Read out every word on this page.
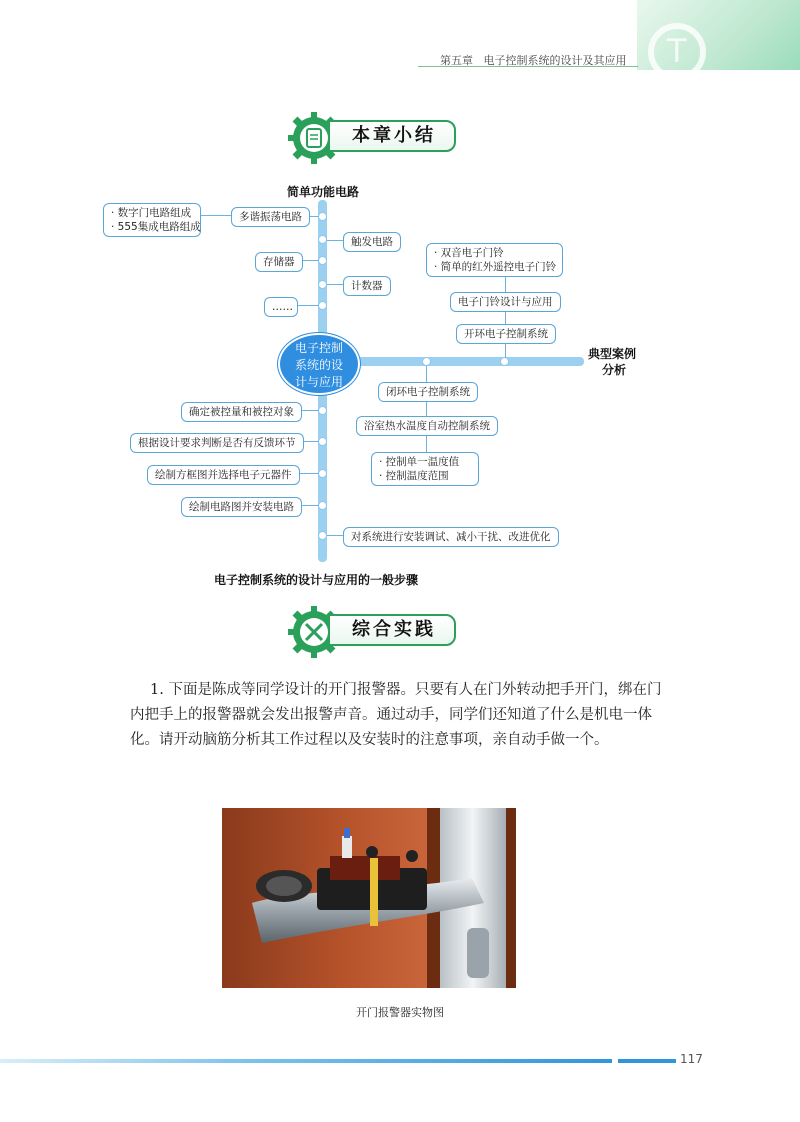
T
第五章 电子控制系统的设计及其应用
本章小结
简单功能电路
· 数字门电路组成
· 555集成电路组成
多谐振荡电路
触发电路
存储器
计数器
……
· 双音电子门铃
· 简单的红外遥控电子门铃
电子门铃设计与应用
开环电子控制系统
电子控制
系统的设
计与应用
典型案例
分析
闭环电子控制系统
浴室热水温度自动控制系统
· 控制单一温度值
· 控制温度范围
确定被控量和被控对象
根据设计要求判断是否有反馈环节
绘制方框图并选择电子元器件
绘制电路图并安装电路
对系统进行安装调试、减小干扰、改进优化
电子控制系统的设计与应用的一般步骤
综合实践

1. 下面是陈成等同学设计的开门报警器。只要有人在门外转动把手开门，绑在门内把手上的报警器就会发出报警声音。通过动手，同学们还知道了什么是机电一体化。请开动脑筋分析其工作过程以及安装时的注意事项，亲自动手做一个。

开门报警器实物图
117
